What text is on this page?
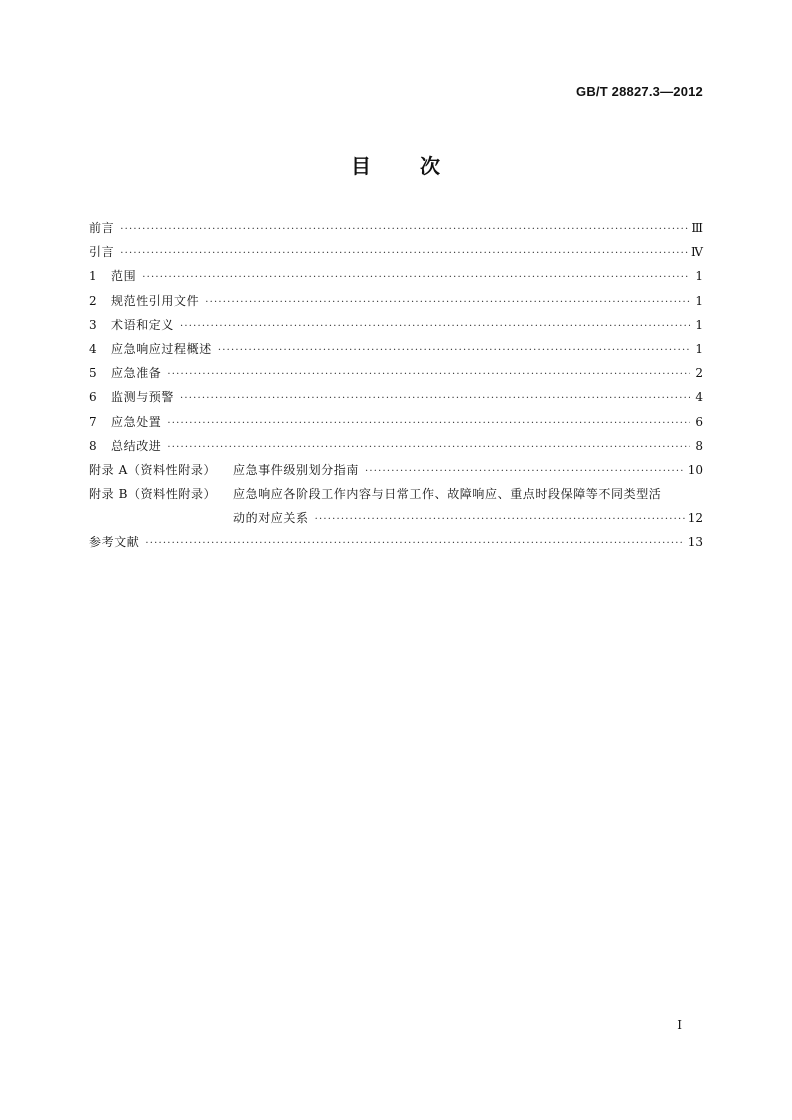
GB/T 28827.3—2012
目 次
前言 ·····	Ⅲ
引言 ·····	Ⅳ
1	范围 ·····	1
2	规范性引用文件 ·····	1
3	术语和定义 ·····	1
4	应急响应过程概述 ·····	1
5	应急准备 ·····	2
6	监测与预警 ·····	4
7	应急处置 ·····	6
8	总结改进 ·····	8
附录 A（资料性附录）	应急事件级别划分指南 ·····	10
附录 B（资料性附录）	应急响应各阶段工作内容与日常工作、故障响应、重点时段保障等不同类型活
动的对应关系 ·····	12
参考文献 ·····	13
I
